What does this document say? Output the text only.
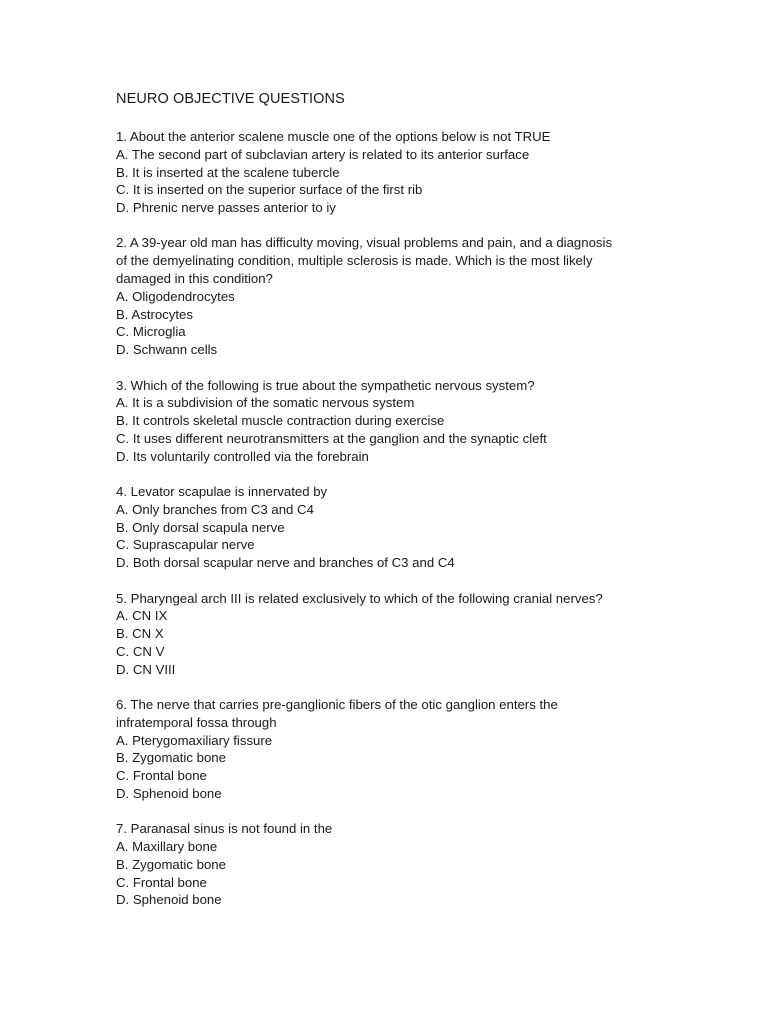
NEURO OBJECTIVE QUESTIONS
1. About the anterior scalene muscle one of the options below is not TRUE
A. The second part of subclavian artery is related to its anterior surface
B. It is inserted at the scalene tubercle
C. It is inserted on the superior surface of the first rib
D. Phrenic nerve passes anterior to iy
2. A 39-year old man has difficulty moving, visual problems and pain, and a diagnosis
of the demyelinating condition, multiple sclerosis is made. Which is the most likely
damaged in this condition?
A. Oligodendrocytes
B. Astrocytes
C. Microglia
D. Schwann cells
3. Which of the following is true about the sympathetic nervous system?
A. It is a subdivision of the somatic nervous system
B. It controls skeletal muscle contraction during exercise
C. It uses different neurotransmitters at the ganglion and the synaptic cleft
D. Its voluntarily controlled via the forebrain
4. Levator scapulae is innervated by
A. Only branches from C3 and C4
B. Only dorsal scapula nerve
C. Suprascapular nerve
D. Both dorsal scapular nerve and branches of C3 and C4
5. Pharyngeal arch III is related exclusively to which of the following cranial nerves?
A. CN IX
B. CN X
C. CN V
D. CN VIII
6. The nerve that carries pre-ganglionic fibers of the otic ganglion enters the
infratemporal fossa through
A. Pterygomaxiliary fissure
B. Zygomatic bone
C. Frontal bone
D. Sphenoid bone
7. Paranasal sinus is not found in the
A. Maxillary bone
B. Zygomatic bone
C. Frontal bone
D. Sphenoid bone
